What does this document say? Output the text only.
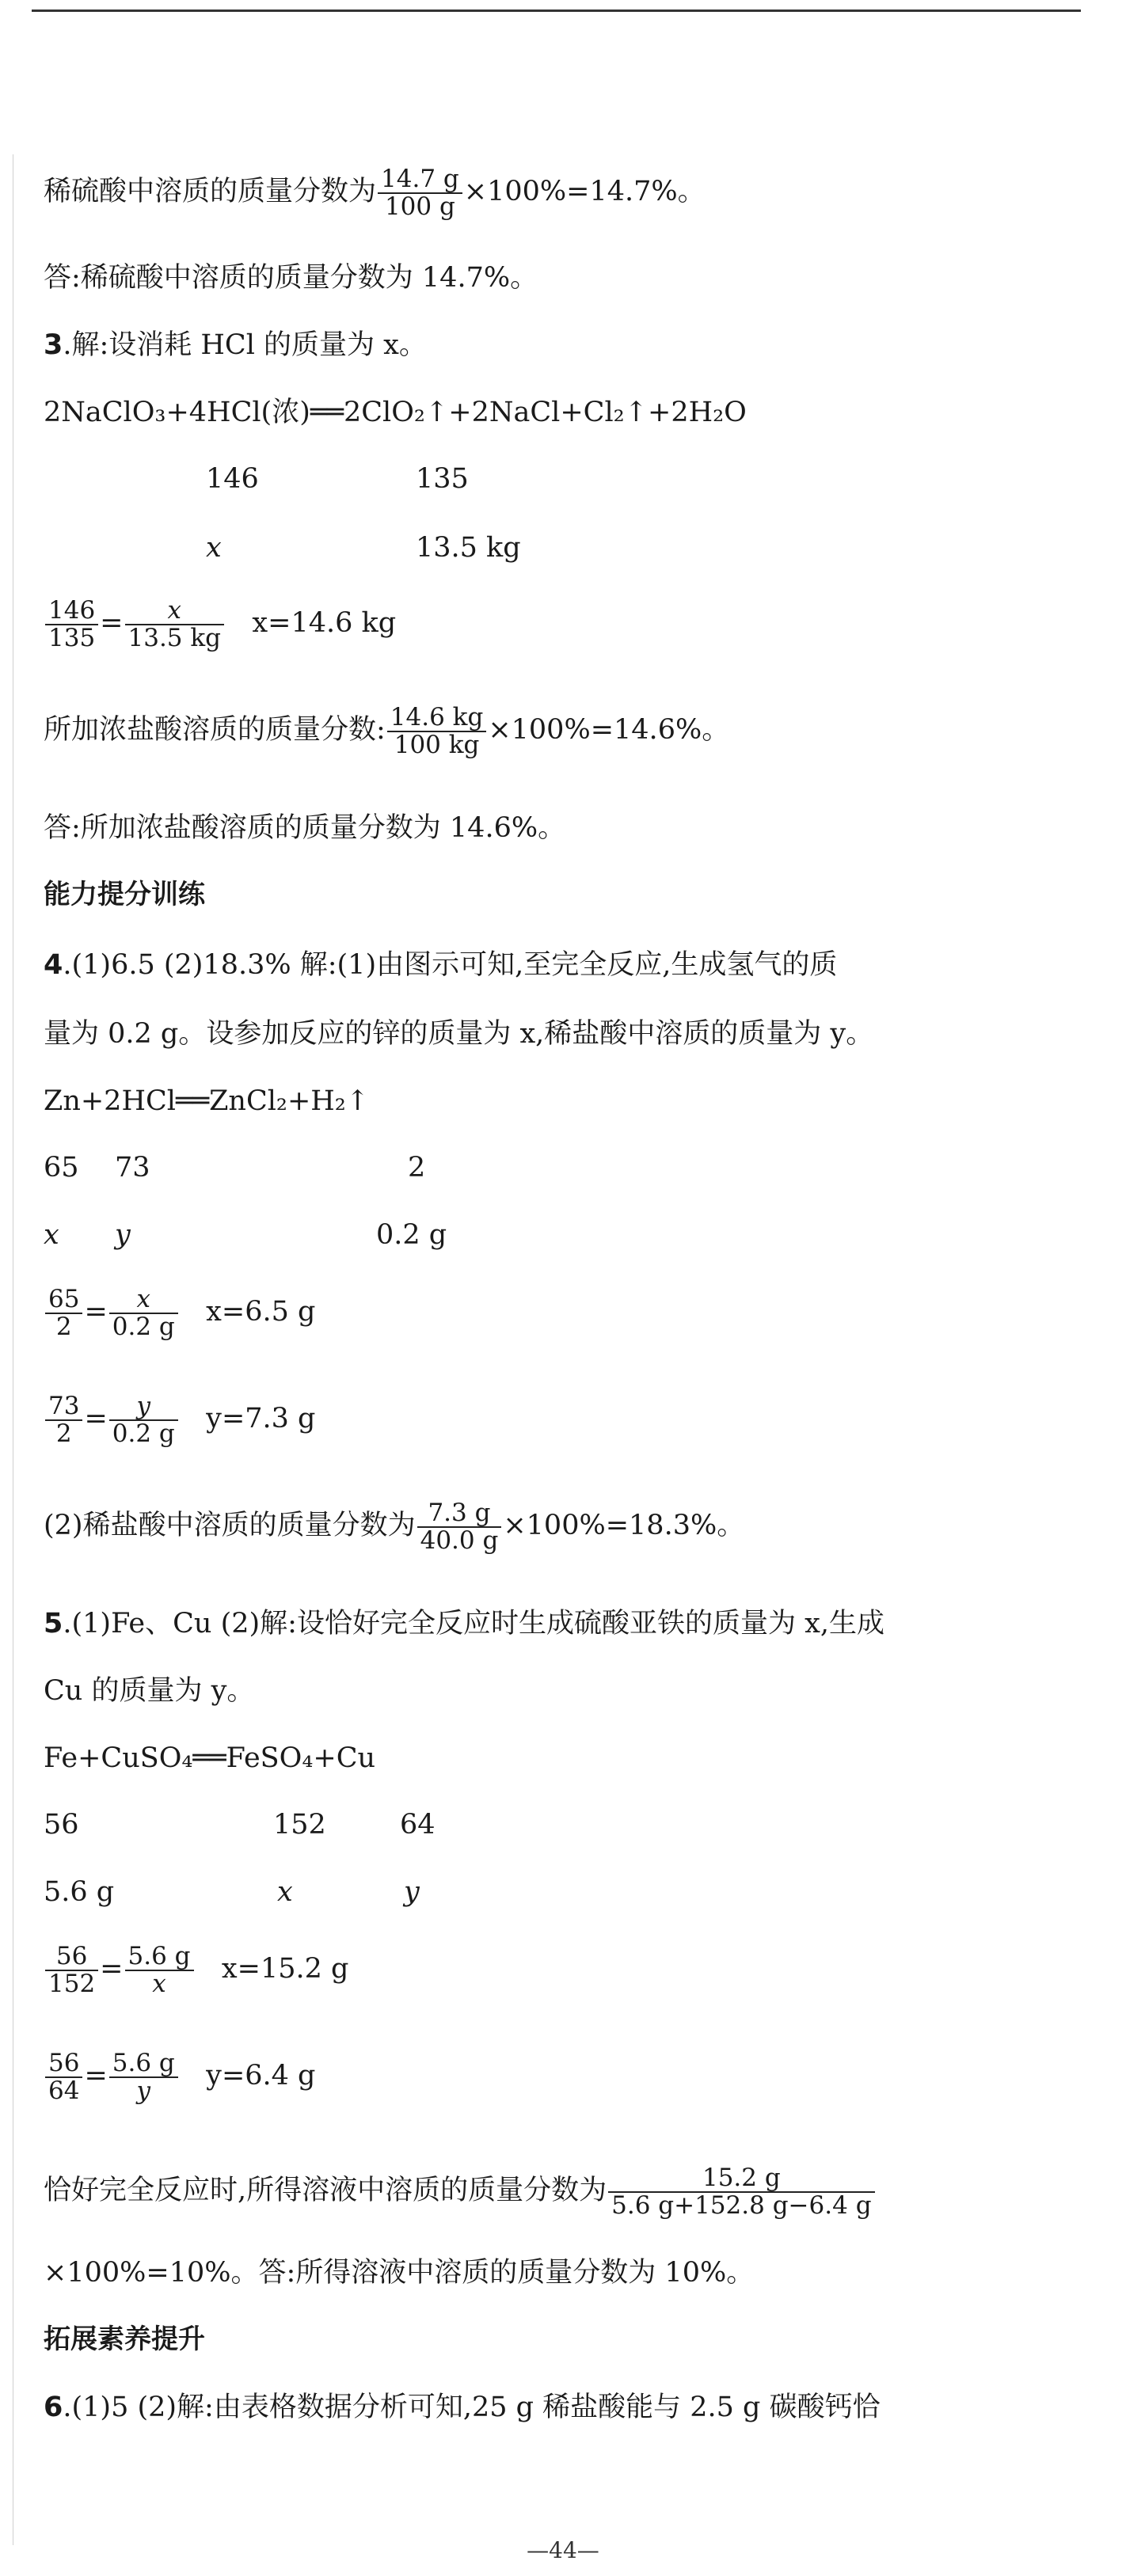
稀硫酸中溶质的质量分数为 $\frac{14.7 g}{100 g} \times 100\%=14.7\%$。
答:稀硫酸中溶质的质量分数为 14.7%。
3.解:设消耗 HCl 的质量为 x。
2NaClO₃+4HCl(浓)══2ClO₂↑+2NaCl+Cl₂↑+2H₂O
146	135
x	13.5 kg
$\frac{146}{135} = \frac{x}{13.5 kg} x=14.6$ kg
所加浓盐酸溶质的质量分数: $\frac{14.6 kg}{100 kg} \times 100\%=14.6\%$。
答:所加浓盐酸溶质的质量分数为 14.6%。
能力提分训练
4.(1)6.5 (2)18.3% 解:(1)由图示可知,至完全反应,生成氢气的质
量为 0.2 g。设参加反应的锌的质量为 x,稀盐酸中溶质的质量为 y。
Zn+2HCl══ZnCl₂+H₂↑
65 73	2
x y	0.2 g
$\frac{65}{2} = \frac{x}{0.2 g} x=6.5$ g
$\frac{73}{2} = \frac{y}{0.2 g} y=7.3$ g
(2)稀盐酸中溶质的质量分数为 $\frac{7.3 g}{40.0 g} \times 100\%=18.3\%$。
5.(1)Fe、Cu (2)解:设恰好完全反应时生成硫酸亚铁的质量为 x,生成
Cu 的质量为 y。
Fe+CuSO₄══FeSO₄+Cu
56	152	64
5.6 g	x	y
$\frac{56}{152} = \frac{5.6 g}{x} x=15.2$ g
$\frac{56}{64} = \frac{5.6 g}{y} y=6.4$ g
恰好完全反应时,所得溶液中溶质的质量分数为 $\frac{15.2 g}{5.6 g+152.8 g-6.4 g}$
×100%=10%。答:所得溶液中溶质的质量分数为 10%。
拓展素养提升
6.(1)5 (2)解:由表格数据分析可知,25 g 稀盐酸能与 2.5 g 碳酸钙恰
—44—
